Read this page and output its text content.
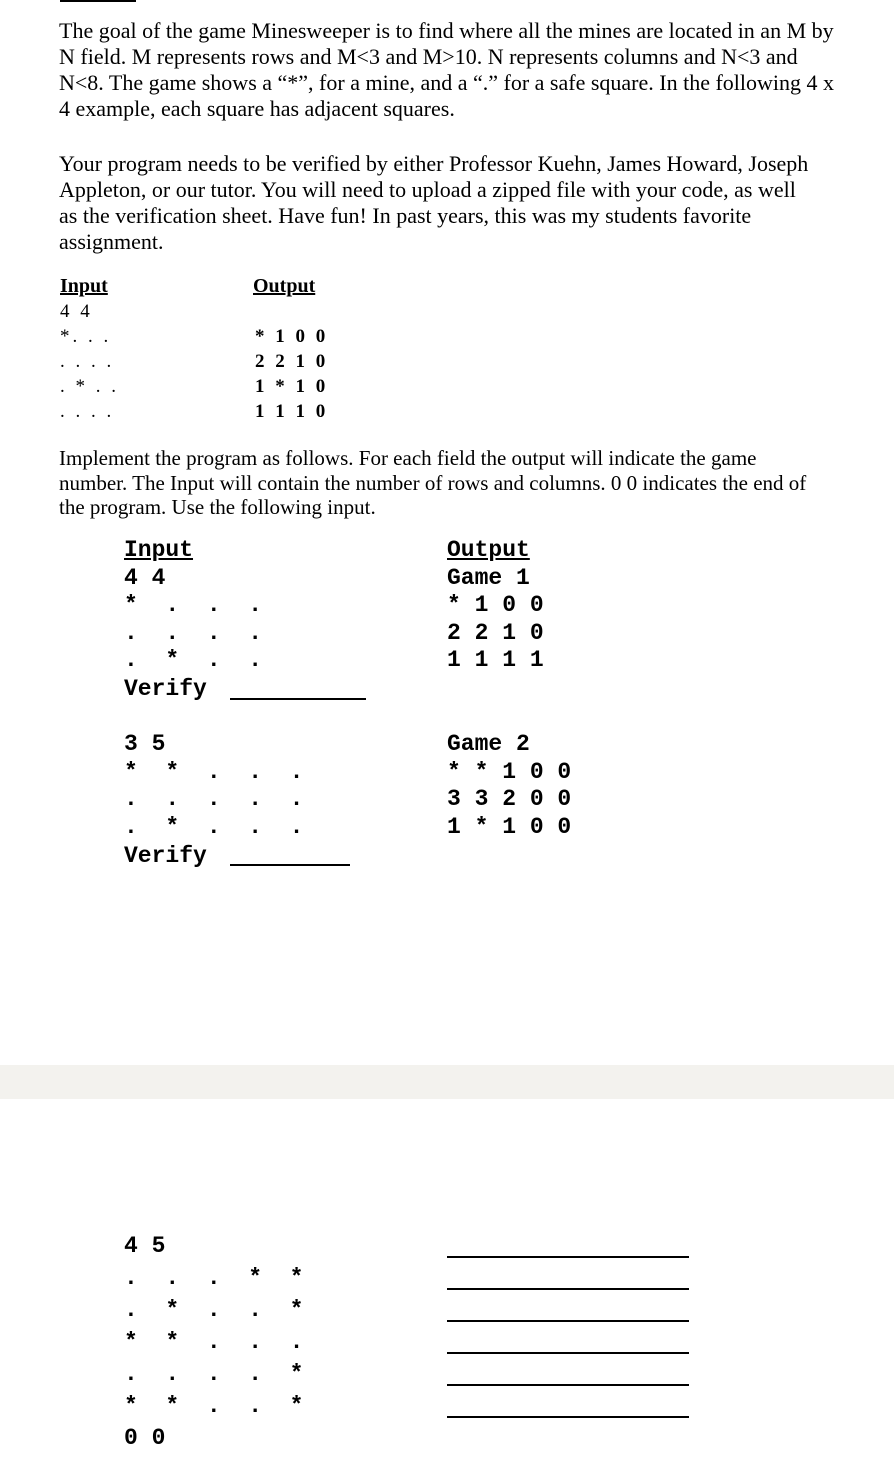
The goal of the game Minesweeper is to find where all the mines are located in an M by N field. M represents rows and M<3 and M>10. N represents columns and N<3 and N<8. The game shows a “*”, for a mine, and a “.” for a safe square. In the following 4 x 4 example, each square has adjacent squares.

Your program needs to be verified by either Professor Kuehn, James Howard, Joseph Appleton, or our tutor. You will need to upload a zipped file with your code, as well as the verification sheet. Have fun! In past years, this was my students favorite assignment.

Input	Output
4 4
*. . .
. . . .
. * . .
. . . .
* 1 0 0
2 2 1 0
1 * 1 0
1 1 1 0

Implement the program as follows. For each field the output will indicate the game number. The Input will contain the number of rows and columns. 0 0 indicates the end of the program. Use the following input.

Input
4 4
*  .  .  .
.  .  .  .
.  *  .  .
Verify
Output
Game 1
* 1 0 0
2 2 1 0
1 1 1 1
3 5
*  *  .  .  .
.  .  .  .  .
.  *  .  .  .
Verify
Game 2
* * 1 0 0
3 3 2 0 0
1 * 1 0 0
4 5
.  .  .  *  *
.  *  .  .  *
*  *  .  .  .
.  .  .  .  *
*  *  .  .  *
0 0
